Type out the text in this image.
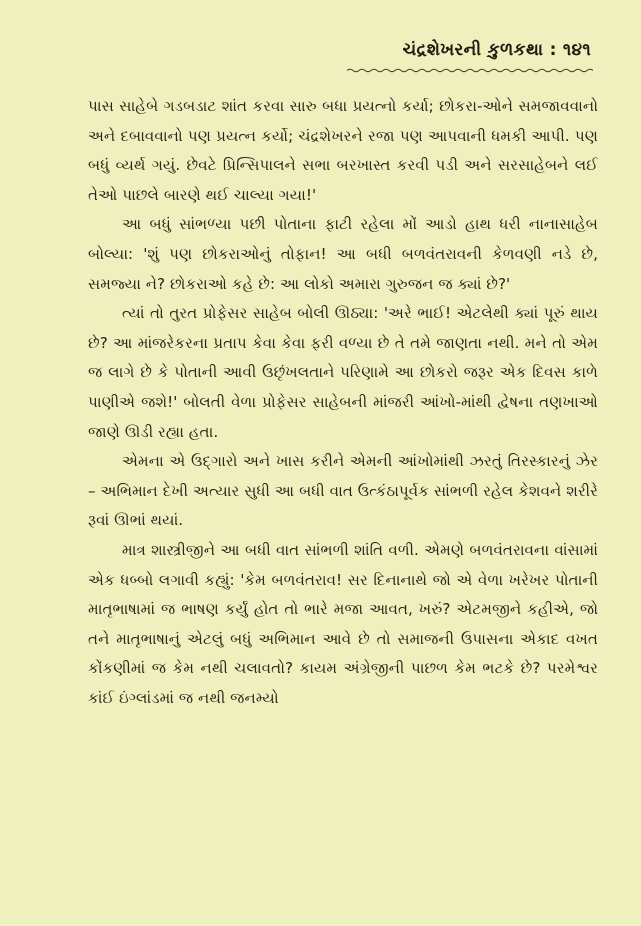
ચંદ્રશેખરની કુળકથા : ૧૪૧

પાસ સાહેબે ગડબડાટ શાંત કરવા સારુ બધા પ્રયત્નો કર્યા; છોકરા-ઓને સમજાવવાનો અને દબાવવાનો પણ પ્રયત્ન કર્યો; ચંદ્રશેખરને રજા પણ આપવાની ધમકી આપી. પણ બધું વ્યર્થ ગયું. છેવટે પ્રિન્સિપાલને સભા બરખાસ્ત કરવી પડી અને સરસાહેબને લઈ તેઓ પાછલે બારણે થઈ ચાલ્યા ગયા!'

આ બધું સાંભળ્યા પછી પોતાના ફાટી રહેલા મોં આડો હાથ ધરી નાનાસાહેબ બોલ્યા: 'શું પણ છોકરાઓનું તોફાન! આ બધી બળવંતરાવની કેળવણી નડે છે, સમજ્યા ને? છોકરાઓ કહે છે: આ લોકો અમારા ગુરુજન જ ક્યાં છે?'

ત્યાં તો તુરત પ્રોફેસર સાહેબ બોલી ઊઠ્યા: 'અરે ભાઈ! એટલેથી ક્યાં પૂરું થાય છે? આ માંજરેકરના પ્રતાપ કેવા કેવા ફરી વળ્યા છે તે તમે જાણતા નથી. મને તો એમ જ લાગે છે કે પોતાની આવી ઉછૃંખલતાને પરિણામે આ છોકરો જરૂર એક દિવસ કાળે પાણીએ જશે!' બોલતી વેળા પ્રોફેસર સાહેબની માંજરી આંખો-માંથી દ્વેષના તણખાઓ જાણે ઊડી રહ્યા હતા.

એમના એ ઉદ્ગારો અને ખાસ કરીને એમની આંખોમાંથી ઝરતું તિરસ્કારનું ઝેર – અભિમાન દેખી અત્યાર સુધી આ બધી વાત ઉત્કંઠાપૂર્વક સાંભળી રહેલ કેશવને શરીરે રૂવાં ઊભાં થયાં.

માત્ર શાસ્ત્રીજીને આ બધી વાત સાંભળી શાંતિ વળી. એમણે બળવંતરાવના વાંસામાં એક ધબ્બો લગાવી કહ્યું: 'કેમ બળવંતરાવ! સર દિનાનાથે જો એ વેળા ખરેખર પોતાની માતૃભાષામાં જ ભાષણ કર્યું હોત તો ભારે મજા આવત, ખરું? એટમજીને કહીએ, જો તને માતૃભાષાનું એટલું બધું અભિમાન આવે છે તો સમાજની ઉપાસના એકાદ વખત કોંકણીમાં જ કેમ નથી ચલાવતો? કાયમ અંગ્રેજીની પાછળ કેમ ભટકે છે? પરમેશ્વર કાંઈ ઇંગ્લાંડમાં જ નથી જનમ્યો
